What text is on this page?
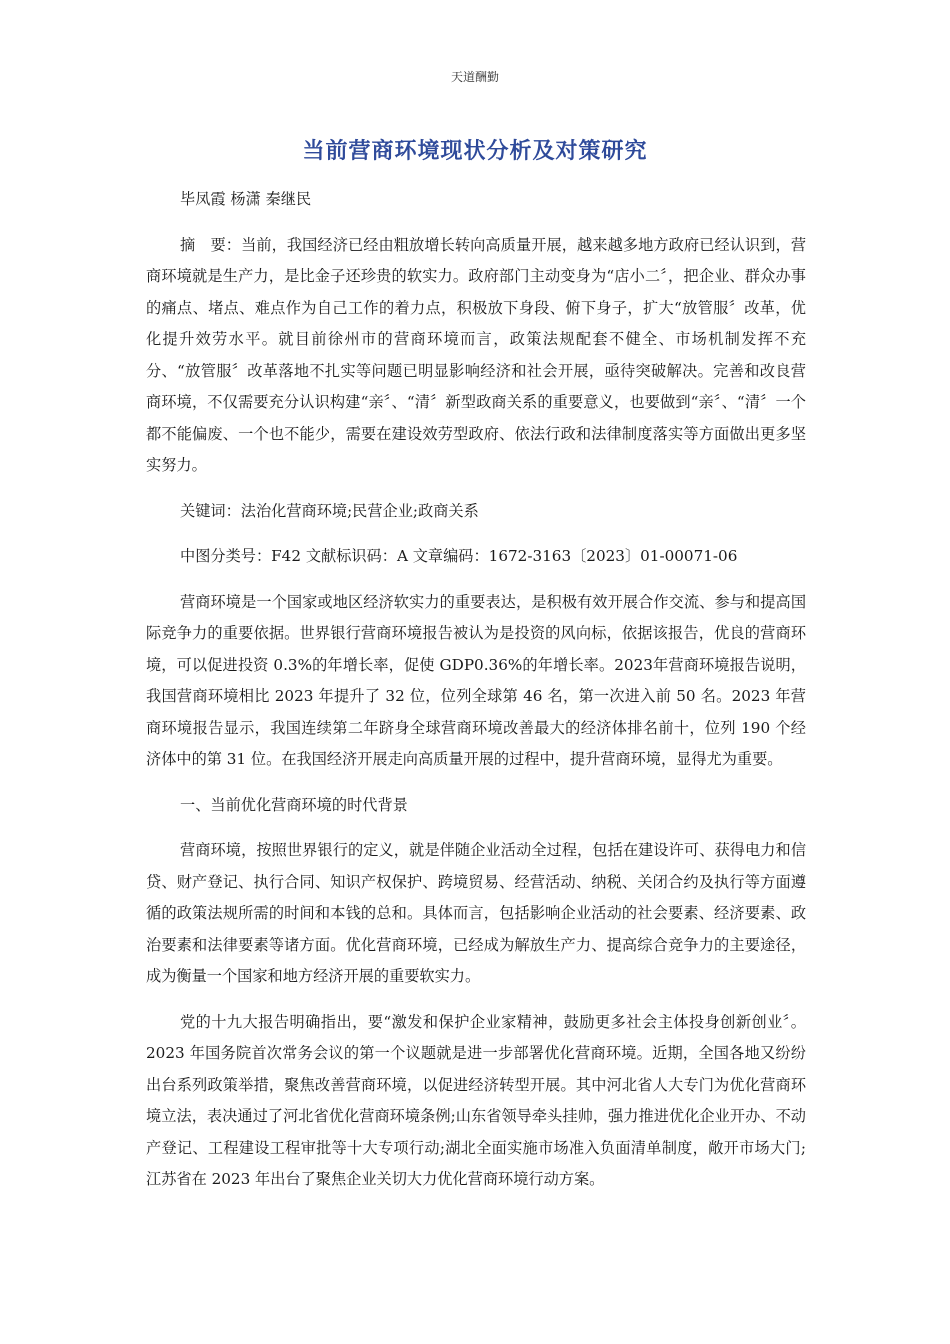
天道酬勤
当前营商环境现状分析及对策研究
毕凤霞 杨潇 秦继民

摘　要：当前，我国经济已经由粗放增长转向高质量开展，越来越多地方政府已经认识到，营商环境就是生产力，是比金子还珍贵的软实力。政府部门主动变身为“店小二〞，把企业、群众办事的痛点、堵点、难点作为自己工作的着力点，积极放下身段、俯下身子，扩大“放管服〞改革，优化提升效劳水平。就目前徐州市的营商环境而言，政策法规配套不健全、市场机制发挥不充分、“放管服〞改革落地不扎实等问题已明显影响经济和社会开展，亟待突破解决。完善和改良营商环境，不仅需要充分认识构建“亲〞、“清〞新型政商关系的重要意义，也要做到“亲〞、“清〞一个都不能偏废、一个也不能少，需要在建设效劳型政府、依法行政和法律制度落实等方面做出更多坚实努力。

关键词：法治化营商环境;民营企业;政商关系

中图分类号：F42 文献标识码：A 文章编码：1672-3163〔2023〕01-00071-06

营商环境是一个国家或地区经济软实力的重要表达，是积极有效开展合作交流、参与和提高国际竞争力的重要依据。世界银行营商环境报告被认为是投资的风向标，依据该报告，优良的营商环境，可以促进投资 0.3%的年增长率，促使 GDP0.36%的年增长率。2023年营商环境报告说明，我国营商环境相比 2023 年提升了 32 位，位列全球第 46 名，第一次进入前 50 名。2023 年营商环境报告显示，我国连续第二年跻身全球营商环境改善最大的经济体排名前十，位列 190 个经济体中的第 31 位。在我国经济开展走向高质量开展的过程中，提升营商环境，显得尤为重要。

一、当前优化营商环境的时代背景

营商环境，按照世界银行的定义，就是伴随企业活动全过程，包括在建设许可、获得电力和信贷、财产登记、执行合同、知识产权保护、跨境贸易、经营活动、纳税、关闭合约及执行等方面遵循的政策法规所需的时间和本钱的总和。具体而言，包括影响企业活动的社会要素、经济要素、政治要素和法律要素等诸方面。优化营商环境，已经成为解放生产力、提高综合竞争力的主要途径，成为衡量一个国家和地方经济开展的重要软实力。

党的十九大报告明确指出，要“激发和保护企业家精神，鼓励更多社会主体投身创新创业〞。2023 年国务院首次常务会议的第一个议题就是进一步部署优化营商环境。近期，全国各地又纷纷出台系列政策举措，聚焦改善营商环境，以促进经济转型开展。其中河北省人大专门为优化营商环境立法，表决通过了河北省优化营商环境条例;山东省领导牵头挂帅，强力推进优化企业开办、不动产登记、工程建设工程审批等十大专项行动;湖北全面实施市场准入负面清单制度，敞开市场大门;江苏省在 2023 年出台了聚焦企业关切大力优化营商环境行动方案。
